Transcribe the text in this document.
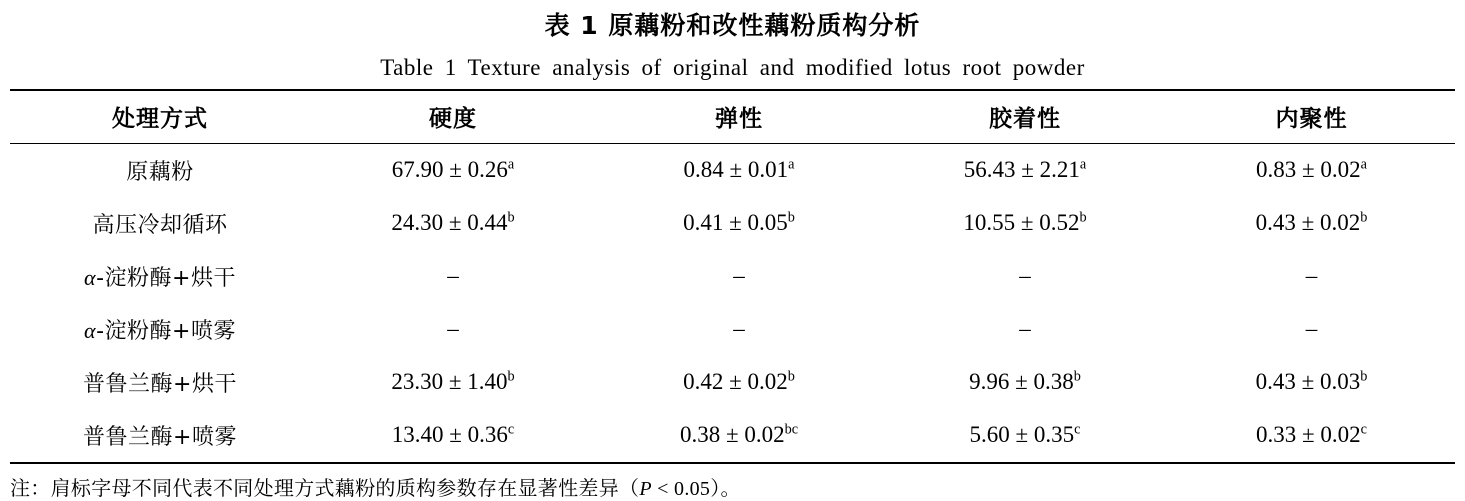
表 1 原藕粉和改性藕粉质构分析
Table 1 Texture analysis of original and modified lotus root powder
处理方式	硬度	弹性	胶着性	内聚性
原藕粉	67.90 ± 0.26$^a$	0.84 ± 0.01$^a$	56.43 ± 2.21$^a$	0.83 ± 0.02$^a$
高压冷却循环	24.30 ± 0.44$^b$	0.41 ± 0.05$^b$	10.55 ± 0.52$^b$	0.43 ± 0.02$^b$
α-淀粉酶+烘干	–	–	–	–
α-淀粉酶+喷雾	–	–	–	–
普鲁兰酶+烘干	23.30 ± 1.40$^b$	0.42 ± 0.02$^b$	9.96 ± 0.38$^b$	0.43 ± 0.03$^b$
普鲁兰酶+喷雾	13.40 ± 0.36$^c$	0.38 ± 0.02$^{bc}$	5.60 ± 0.35$^c$	0.33 ± 0.02$^c$
注：肩标字母不同代表不同处理方式藕粉的质构参数存在显著性差异（P < 0.05）。
